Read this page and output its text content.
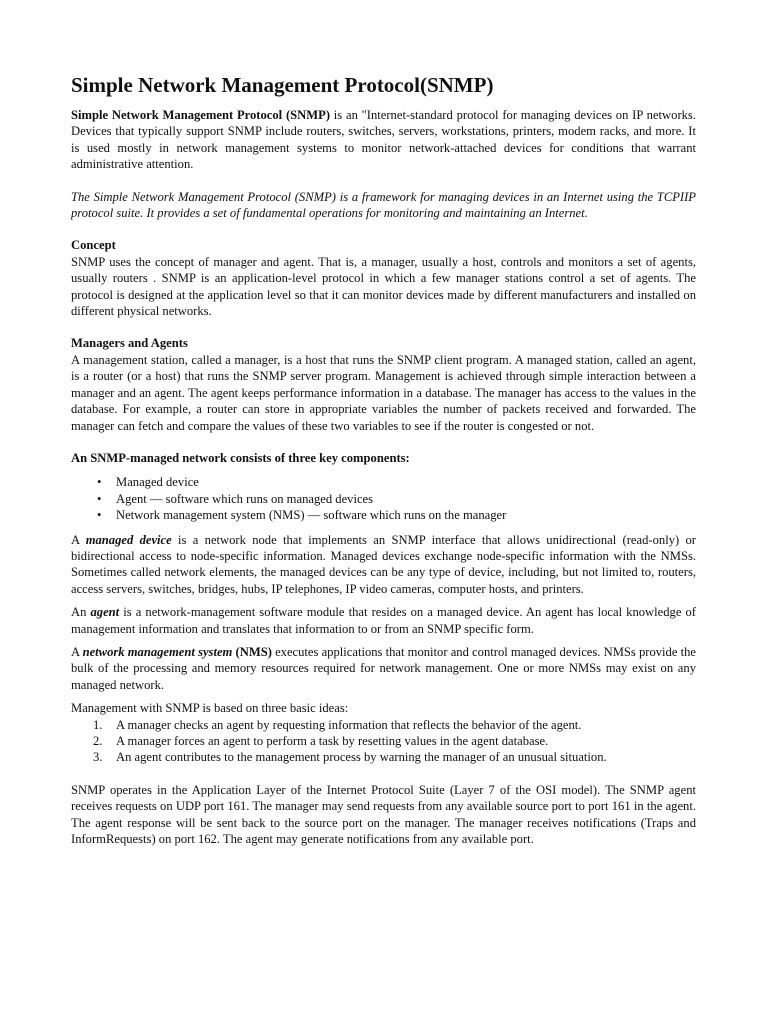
Simple Network Management Protocol(SNMP)

Simple Network Management Protocol (SNMP) is an "Internet-standard protocol for managing devices on IP networks. Devices that typically support SNMP include routers, switches, servers, workstations, printers, modem racks, and more. It is used mostly in network management systems to monitor network-attached devices for conditions that warrant administrative attention.

The Simple Network Management Protocol (SNMP) is a framework for managing devices in an Internet using the TCPIIP protocol suite. It provides a set of fundamental operations for monitoring and maintaining an Internet.

Concept

SNMP uses the concept of manager and agent. That is, a manager, usually a host, controls and monitors a set of agents, usually routers . SNMP is an application-level protocol in which a few manager stations control a set of agents. The protocol is designed at the application level so that it can monitor devices made by different manufacturers and installed on different physical networks.

Managers and Agents

A management station, called a manager, is a host that runs the SNMP client program. A managed station, called an agent, is a router (or a host) that runs the SNMP server program. Management is achieved through simple interaction between a manager and an agent. The agent keeps performance information in a database. The manager has access to the values in the database. For example, a router can store in appropriate variables the number of packets received and forwarded. The manager can fetch and compare the values of these two variables to see if the router is congested or not.

An SNMP-managed network consists of three key components:

• Managed device
• Agent — software which runs on managed devices
• Network management system (NMS) — software which runs on the manager

A managed device is a network node that implements an SNMP interface that allows unidirectional (read-only) or bidirectional access to node-specific information. Managed devices exchange node-specific information with the NMSs. Sometimes called network elements, the managed devices can be any type of device, including, but not limited to, routers, access servers, switches, bridges, hubs, IP telephones, IP video cameras, computer hosts, and printers.

An agent is a network-management software module that resides on a managed device. An agent has local knowledge of management information and translates that information to or from an SNMP specific form.

A network management system (NMS) executes applications that monitor and control managed devices. NMSs provide the bulk of the processing and memory resources required for network management. One or more NMSs may exist on any managed network.

Management with SNMP is based on three basic ideas:

1. A manager checks an agent by requesting information that reflects the behavior of the agent.
2. A manager forces an agent to perform a task by resetting values in the agent database.
3. An agent contributes to the management process by warning the manager of an unusual situation.

SNMP operates in the Application Layer of the Internet Protocol Suite (Layer 7 of the OSI model). The SNMP agent receives requests on UDP port 161. The manager may send requests from any available source port to port 161 in the agent. The agent response will be sent back to the source port on the manager. The manager receives notifications (Traps and InformRequests) on port 162. The agent may generate notifications from any available port.
